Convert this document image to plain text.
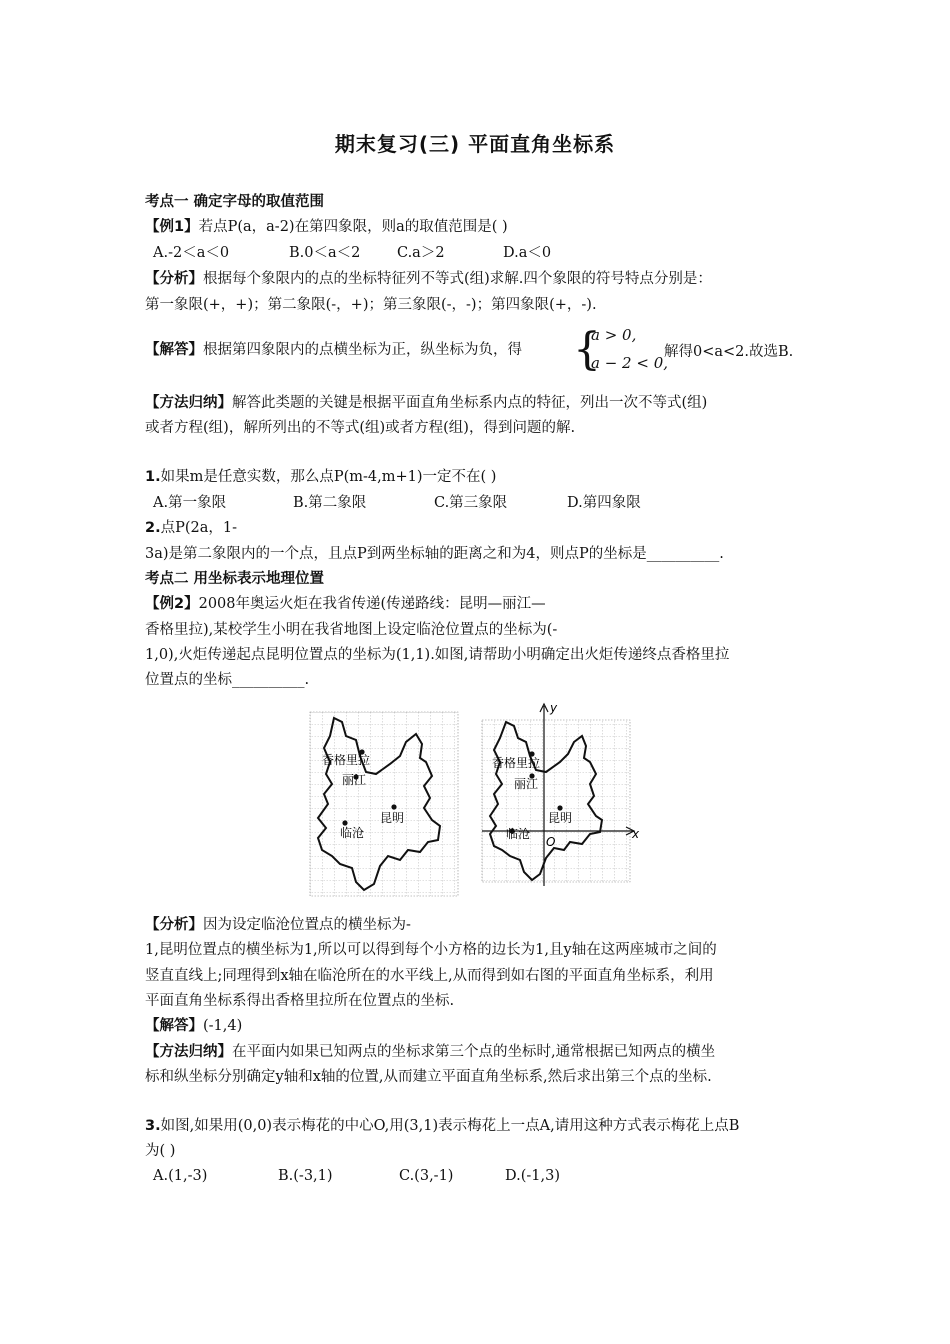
期末复习(三) 平面直角坐标系
考点一 确定字母的取值范围
【例1】若点P(a，a-2)在第四象限，则a的取值范围是( )
A.-2＜a＜0	B.0＜a＜2	C.a＞2	D.a＜0
【分析】根据每个象限内的点的坐标特征列不等式(组)求解.四个象限的符号特点分别是：
第一象限(+，+)；第二象限(-，+)；第三象限(-，-)；第四象限(+，-).
【解答】根据第四象限内的点横坐标为正，纵坐标为负，得 {
a > 0,
a − 2 < 0,
解得0<a<2.故选B.
【方法归纳】解答此类题的关键是根据平面直角坐标系内点的特征，列出一次不等式(组)
或者方程(组)，解所列出的不等式(组)或者方程(组)，得到问题的解.
1.如果m是任意实数，那么点P(m-4,m+1)一定不在( )
A.第一象限	B.第二象限	C.第三象限	D.第四象限
2.点P(2a，1-
3a)是第二象限内的一个点，且点P到两坐标轴的距离之和为4，则点P的坐标是__________.
考点二 用坐标表示地理位置
【例2】2008年奥运火炬在我省传递(传递路线：昆明—丽江—
香格里拉),某校学生小明在我省地图上设定临沧位置点的坐标为(-
1,0),火炬传递起点昆明位置点的坐标为(1,1).如图,请帮助小明确定出火炬传递终点香格里拉
位置点的坐标__________.
香格里拉
丽江
昆明
临沧
y
x
O
香格里拉
丽江
昆明
临沧
【分析】因为设定临沧位置点的横坐标为-
1,昆明位置点的横坐标为1,所以可以得到每个小方格的边长为1,且y轴在这两座城市之间的
竖直直线上;同理得到x轴在临沧所在的水平线上,从而得到如右图的平面直角坐标系，利用
平面直角坐标系得出香格里拉所在位置点的坐标.
【解答】(-1,4)
【方法归纳】在平面内如果已知两点的坐标求第三个点的坐标时,通常根据已知两点的横坐
标和纵坐标分别确定y轴和x轴的位置,从而建立平面直角坐标系,然后求出第三个点的坐标.
3.如图,如果用(0,0)表示梅花的中心O,用(3,1)表示梅花上一点A,请用这种方式表示梅花上点B
为( )
A.(1,-3)	B.(-3,1)	C.(3,-1)	D.(-1,3)
